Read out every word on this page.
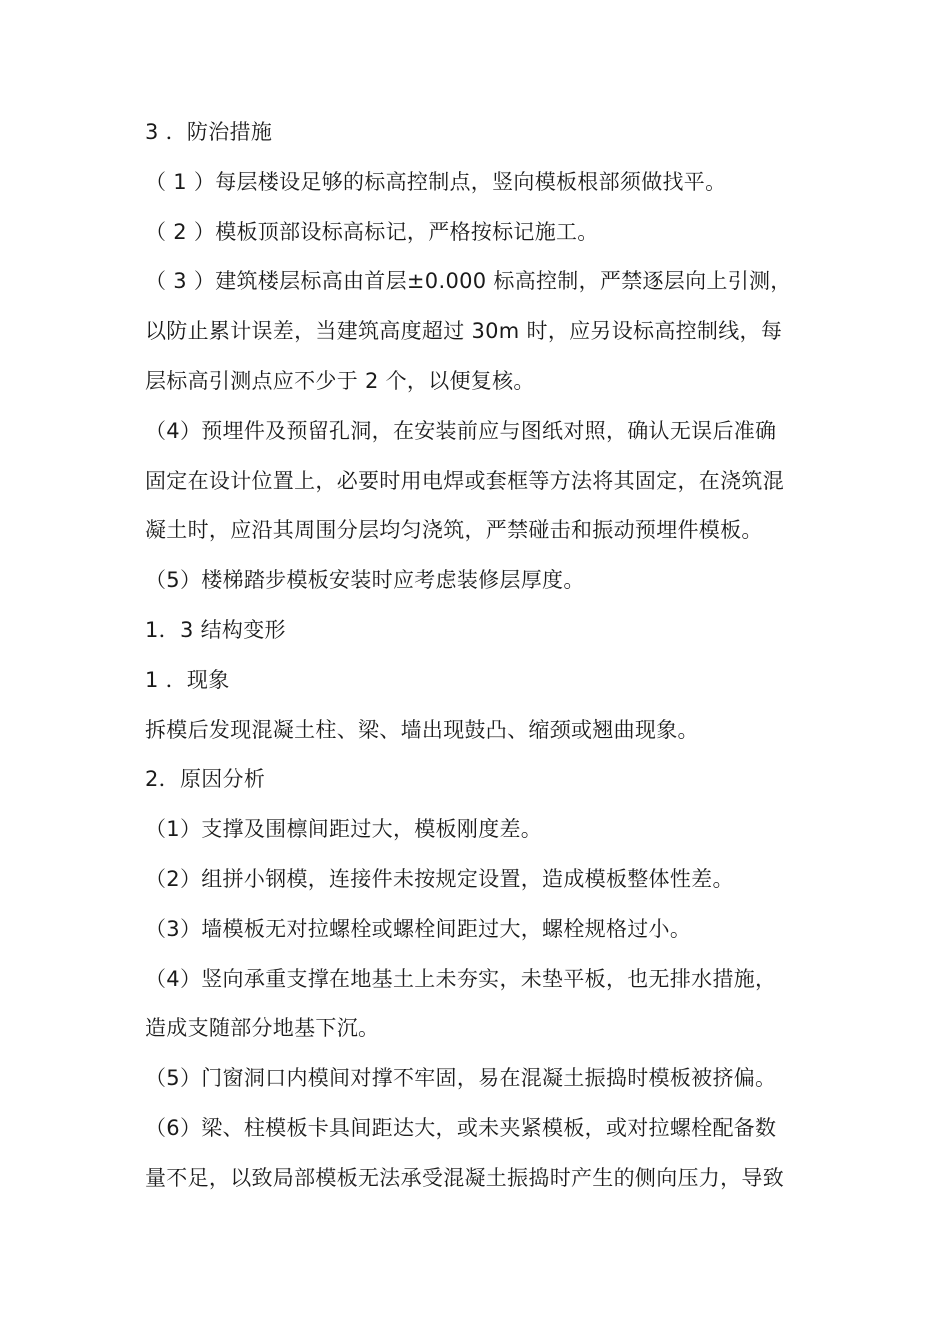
3 ．防治措施
（ 1 ）每层楼设足够的标高控制点，竖向模板根部须做找平。
（ 2 ）模板顶部设标高标记，严格按标记施工。
（ 3 ）建筑楼层标高由首层±0.000 标高控制，严禁逐层向上引测，
以防止累计误差，当建筑高度超过 30m 时，应另设标高控制线，每
层标高引测点应不少于 2 个，以便复核。
（4）预埋件及预留孔洞，在安装前应与图纸对照，确认无误后准确
固定在设计位置上，必要时用电焊或套框等方法将其固定，在浇筑混
凝土时，应沿其周围分层均匀浇筑，严禁碰击和振动预埋件模板。
（5）楼梯踏步模板安装时应考虑装修层厚度。
1．3 结构变形
1 ．现象
拆模后发现混凝土柱、梁、墙出现鼓凸、缩颈或翘曲现象。
2．原因分析
（1）支撑及围檩间距过大，模板刚度差。
（2）组拼小钢模，连接件未按规定设置，造成模板整体性差。
（3）墙模板无对拉螺栓或螺栓间距过大，螺栓规格过小。
（4）竖向承重支撑在地基土上未夯实，未垫平板，也无排水措施，
造成支随部分地基下沉。
（5）门窗洞口内模间对撑不牢固，易在混凝土振捣时模板被挤偏。
（6）梁、柱模板卡具间距达大，或未夹紧模板，或对拉螺栓配备数
量不足，以致局部模板无法承受混凝土振捣时产生的侧向压力，导致
